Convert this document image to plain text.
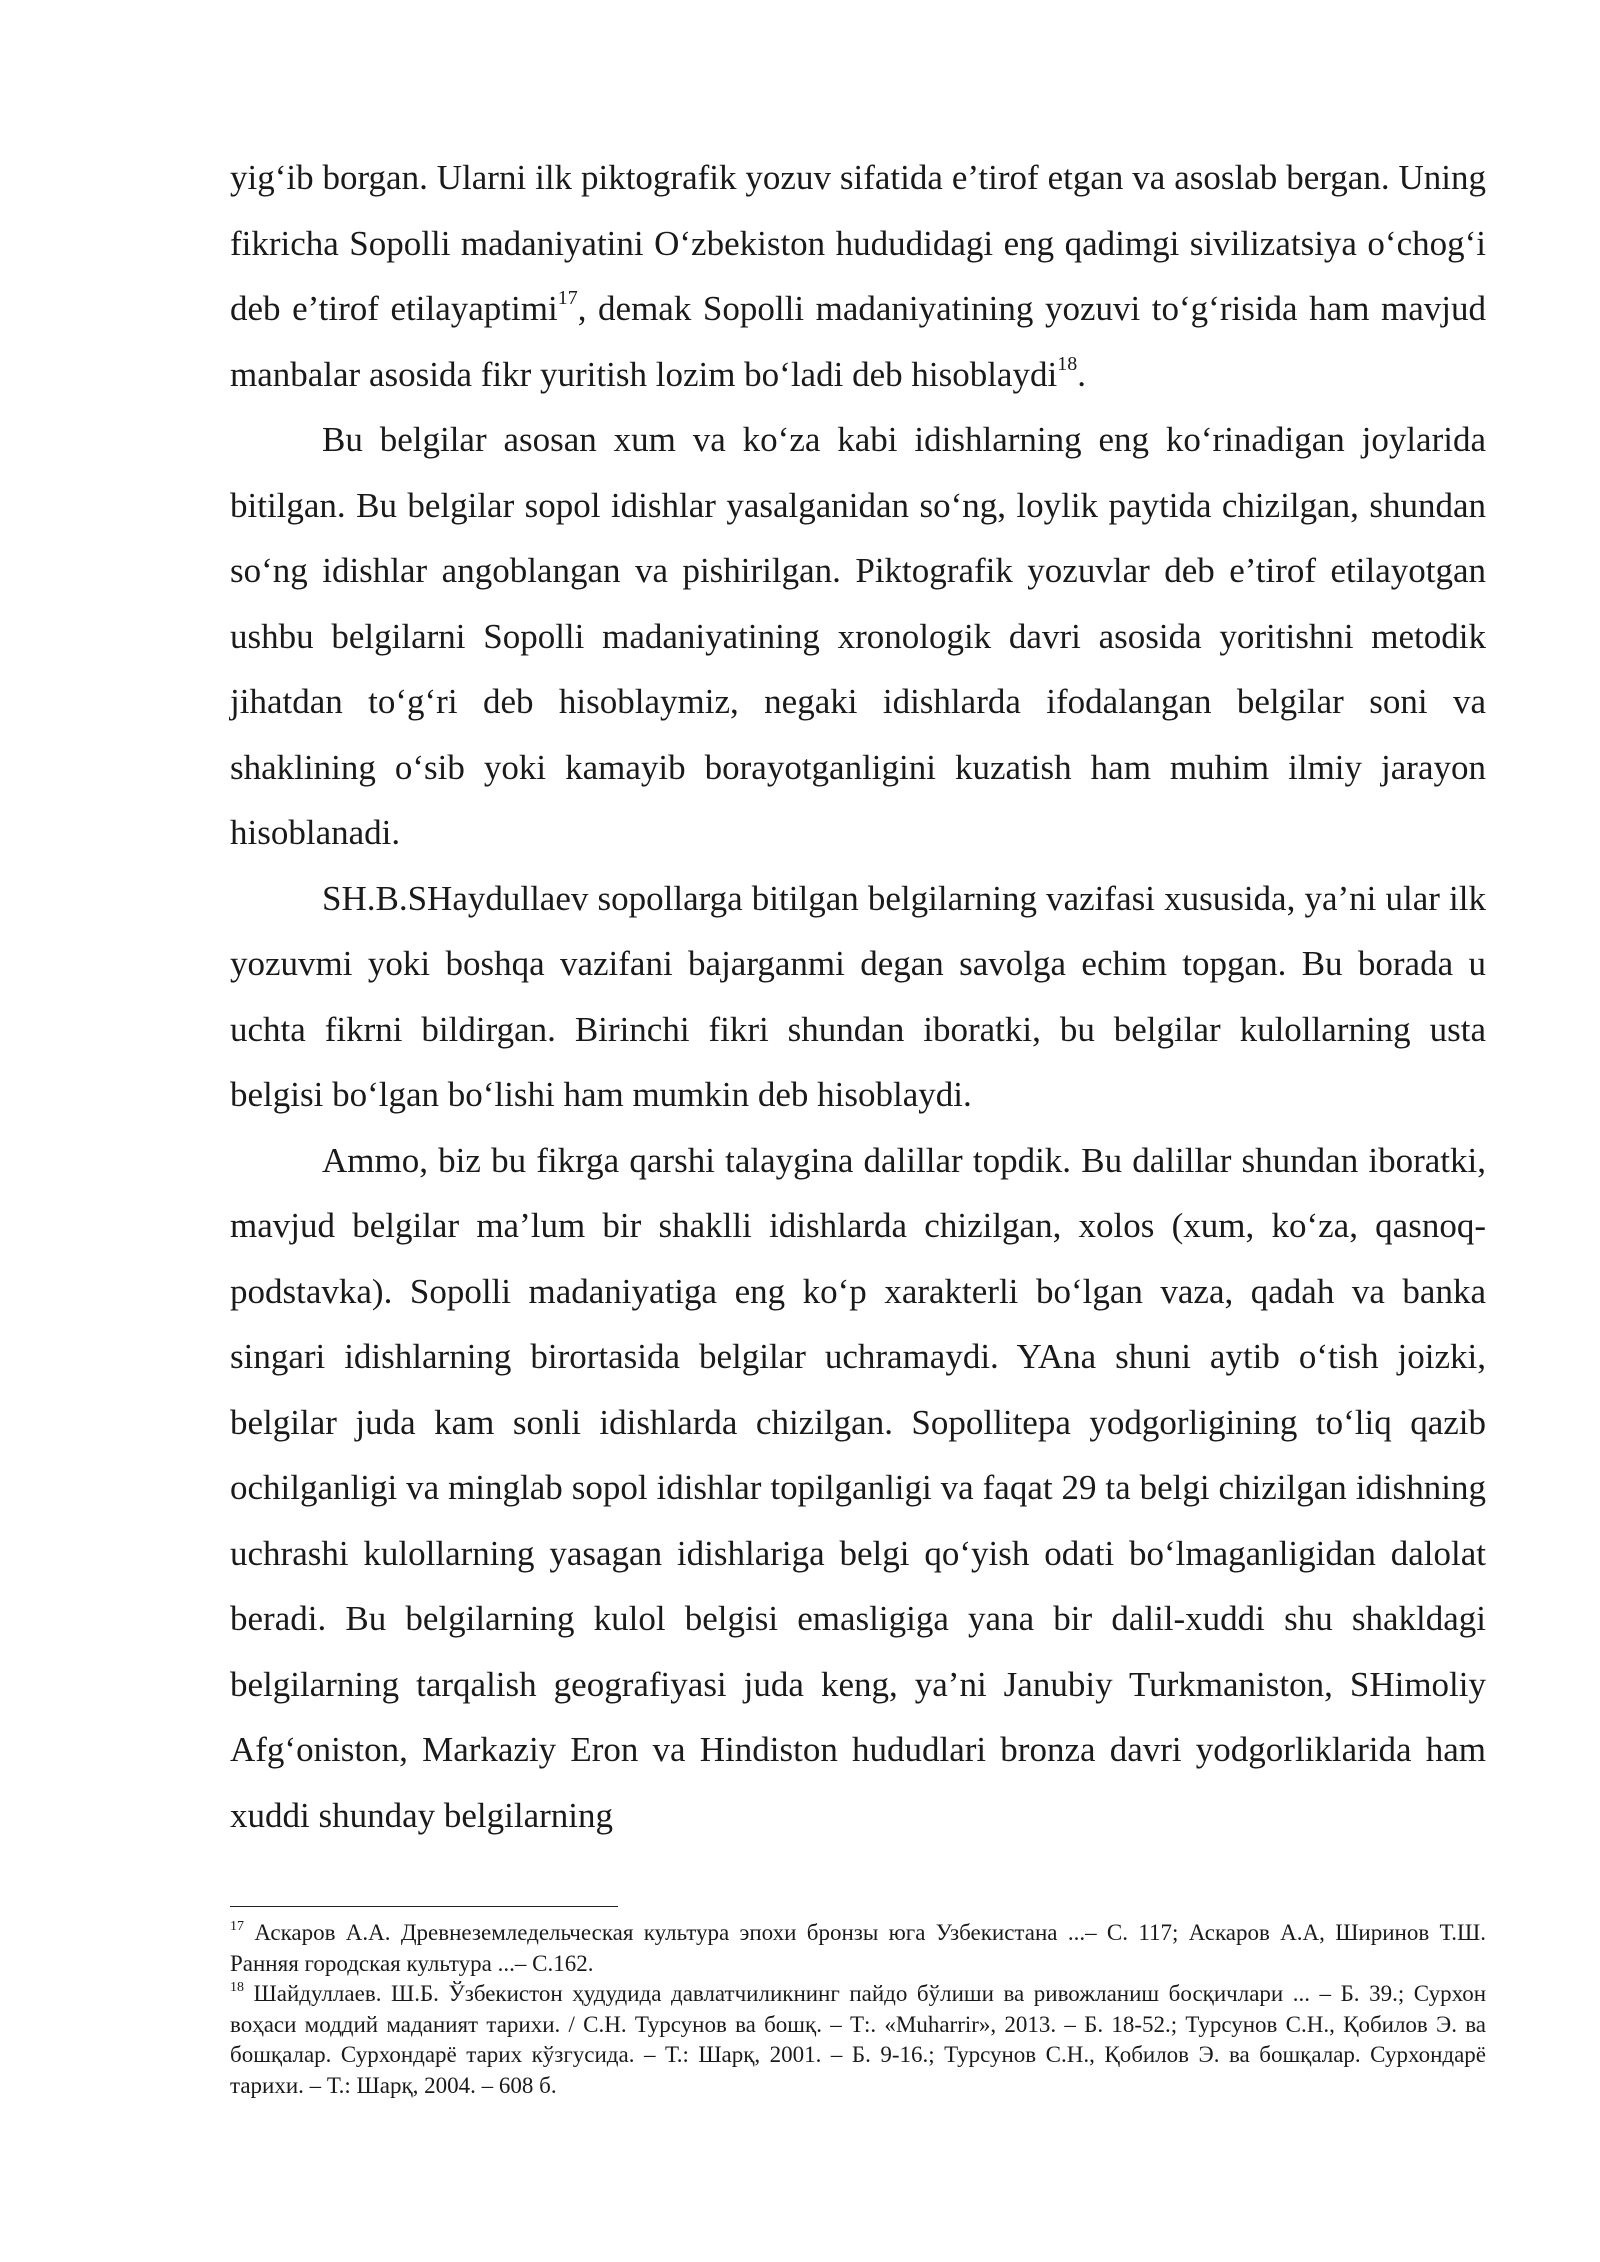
yig‘ib borgan. Ularni ilk piktografik yozuv sifatida e’tirof etgan va asoslab bergan. Uning fikricha Sopolli madaniyatini O‘zbekiston hududidagi eng qadimgi sivilizatsiya o‘chog‘i deb e’tirof etilayaptimi$^{17}$, demak Sopolli madaniyatining yozuvi to‘g‘risida ham mavjud manbalar asosida fikr yuritish lozim bo‘ladi deb hisoblaydi$^{18}$.

Bu belgilar asosan xum va ko‘za kabi idishlarning eng ko‘rinadigan joylarida bitilgan. Bu belgilar sopol idishlar yasalganidan so‘ng, loylik paytida chizilgan, shundan so‘ng idishlar angoblangan va pishirilgan. Piktografik yozuvlar deb e’tirof etilayotgan ushbu belgilarni Sopolli madaniyatining xronologik davri asosida yoritishni metodik jihatdan to‘g‘ri deb hisoblaymiz, negaki idishlarda ifodalangan belgilar soni va shaklining o‘sib yoki kamayib borayotganligini kuzatish ham muhim ilmiy jarayon hisoblanadi.

SH.B.SHaydullaev sopollarga bitilgan belgilarning vazifasi xususida, ya’ni ular ilk yozuvmi yoki boshqa vazifani bajarganmi degan savolga echim topgan. Bu borada u uchta fikrni bildirgan. Birinchi fikri shundan iboratki, bu belgilar kulollarning usta belgisi bo‘lgan bo‘lishi ham mumkin deb hisoblaydi.

Ammo, biz bu fikrga qarshi talaygina dalillar topdik. Bu dalillar shundan iboratki, mavjud belgilar ma’lum bir shaklli idishlarda chizilgan, xolos (xum, ko‘za, qasnoq-podstavka). Sopolli madaniyatiga eng ko‘p xarakterli bo‘lgan vaza, qadah va banka singari idishlarning birortasida belgilar uchramaydi. YAna shuni aytib o‘tish joizki, belgilar juda kam sonli idishlarda chizilgan. Sopollitepa yodgorligining to‘liq qazib ochilganligi va minglab sopol idishlar topilganligi va faqat 29 ta belgi chizilgan idishning uchrashi kulollarning yasagan idishlariga belgi qo‘yish odati bo‘lmaganligidan dalolat beradi. Bu belgilarning kulol belgisi emasligiga yana bir dalil-xuddi shu shakldagi belgilarning tarqalish geografiyasi juda keng, ya’ni Janubiy Turkmaniston, SHimoliy Afg‘oniston, Markaziy Eron va Hindiston hududlari bronza davri yodgorliklarida ham xuddi shunday belgilarning

$^{17}$ Аскаров А.А. Древнеземледельческая культура эпохи бронзы юга Узбекистана ...– С. 117; Аскаров А.А, Ширинов Т.Ш. Ранняя городская культура ...– С.162.

$^{18}$ Шайдуллаев. Ш.Б. Ўзбекистон ҳудудида давлатчиликнинг пайдо бўлиши ва ривожланиш босқичлари ... – Б. 39.; Сурхон воҳаси моддий маданият тарихи. / С.Н. Турсунов ва бошқ. – Т:. «Muharrir», 2013. – Б. 18-52.; Турсунов С.Н., Қобилов Э. ва бошқалар. Сурхондарё тарих кўзгусида. – Т.: Шарқ, 2001. – Б. 9-16.; Турсунов С.Н., Қобилов Э. ва бошқалар. Сурхондарё тарихи. – Т.: Шарқ, 2004. – 608 б.
